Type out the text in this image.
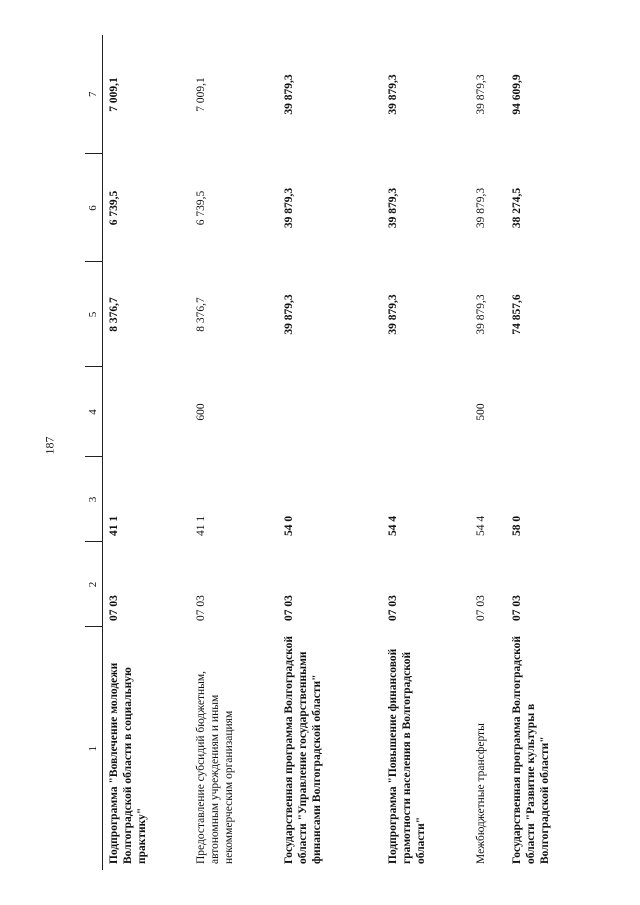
187
1	2	3	4	5	6	7
Подпрограмма "Вовлечение молодежи Волгоградской области в социальную практику"	07 03	41 1		8 376,7	6 739,5	7 009,1
Предоставление субсидий бюджетным, автономным учреждениям и иным некоммерческим организациям	07 03	41 1	600	8 376,7	6 739,5	7 009,1
Государственная программа Волгоградской области "Управление государственными финансами Волгоградской области"	07 03	54 0		39 879,3	39 879,3	39 879,3
Подпрограмма "Повышение финансовой грамотности населения в Волгоградской области"	07 03	54 4		39 879,3	39 879,3	39 879,3
Межбюджетные трансферты	07 03	54 4	500	39 879,3	39 879,3	39 879,3
Государственная программа Волгоградской области "Развитие культуры в Волгоградской области"	07 03	58 0		74 857,6	38 274,5	94 609,9
